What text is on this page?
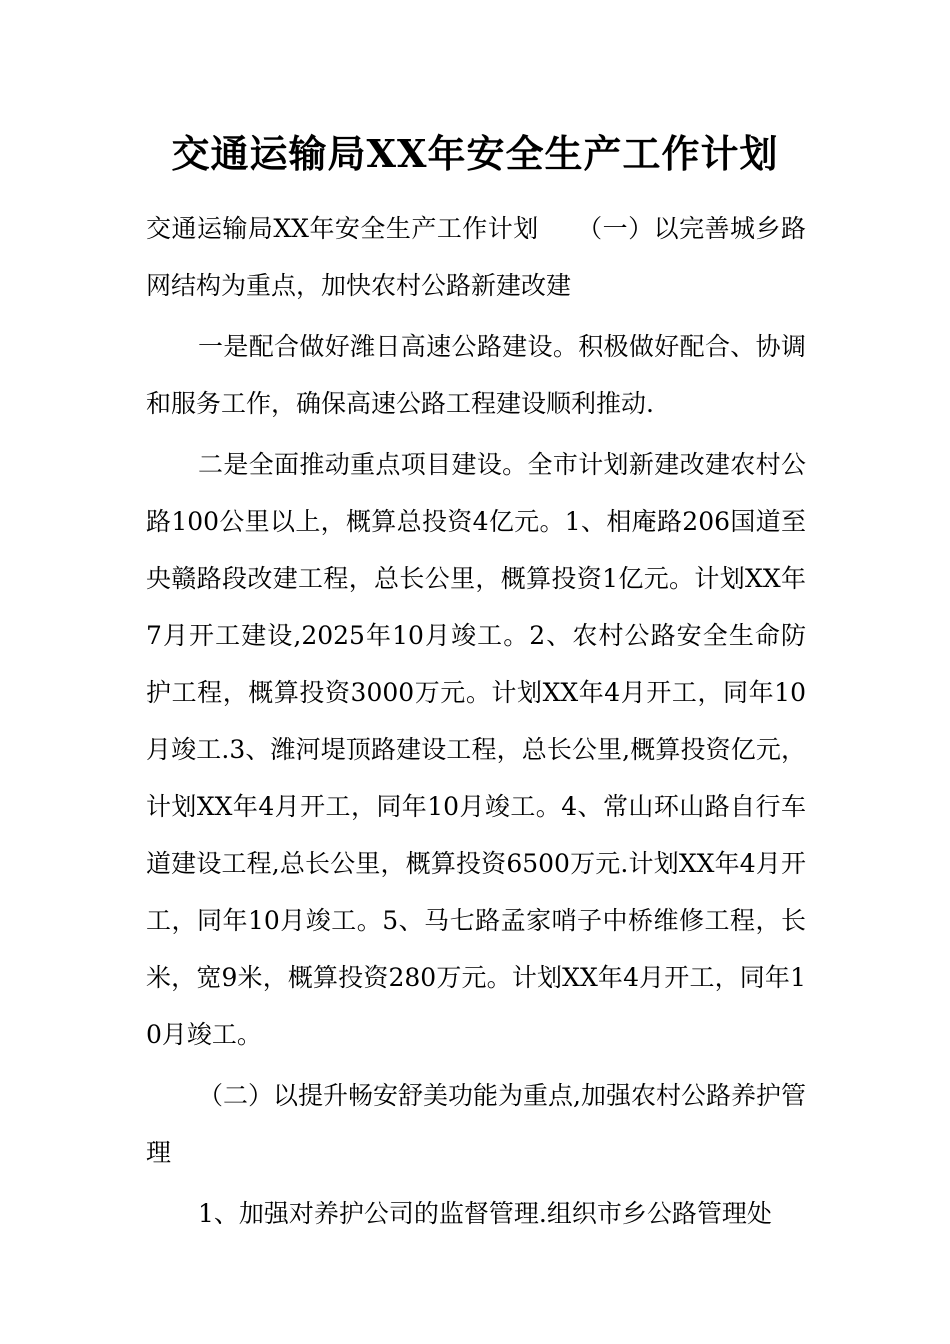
交通运输局XX年安全生产工作计划

交通运输局XX年安全生产工作计划　　（一）以完善城乡路网结构为重点，加快农村公路新建改建

一是配合做好潍日高速公路建设。积极做好配合、协调和服务工作，确保高速公路工程建设顺利推动.

二是全面推动重点项目建设。全市计划新建改建农村公路100公里以上，概算总投资4亿元。1、相庵路206国道至央赣路段改建工程，总长公里，概算投资1亿元。计划XX年7月开工建设,2025年10月竣工。2、农村公路安全生命防护工程，概算投资3000万元。计划XX年4月开工，同年10月竣工.3、潍河堤顶路建设工程，总长公里,概算投资亿元，计划XX年4月开工，同年10月竣工。4、常山环山路自行车道建设工程,总长公里，概算投资6500万元.计划XX年4月开工，同年10月竣工。5、马七路孟家哨子中桥维修工程，长米，宽9米，概算投资280万元。计划XX年4月开工，同年10月竣工。

（二）以提升畅安舒美功能为重点,加强农村公路养护管理

1、加强对养护公司的监督管理.组织市乡公路管理处
